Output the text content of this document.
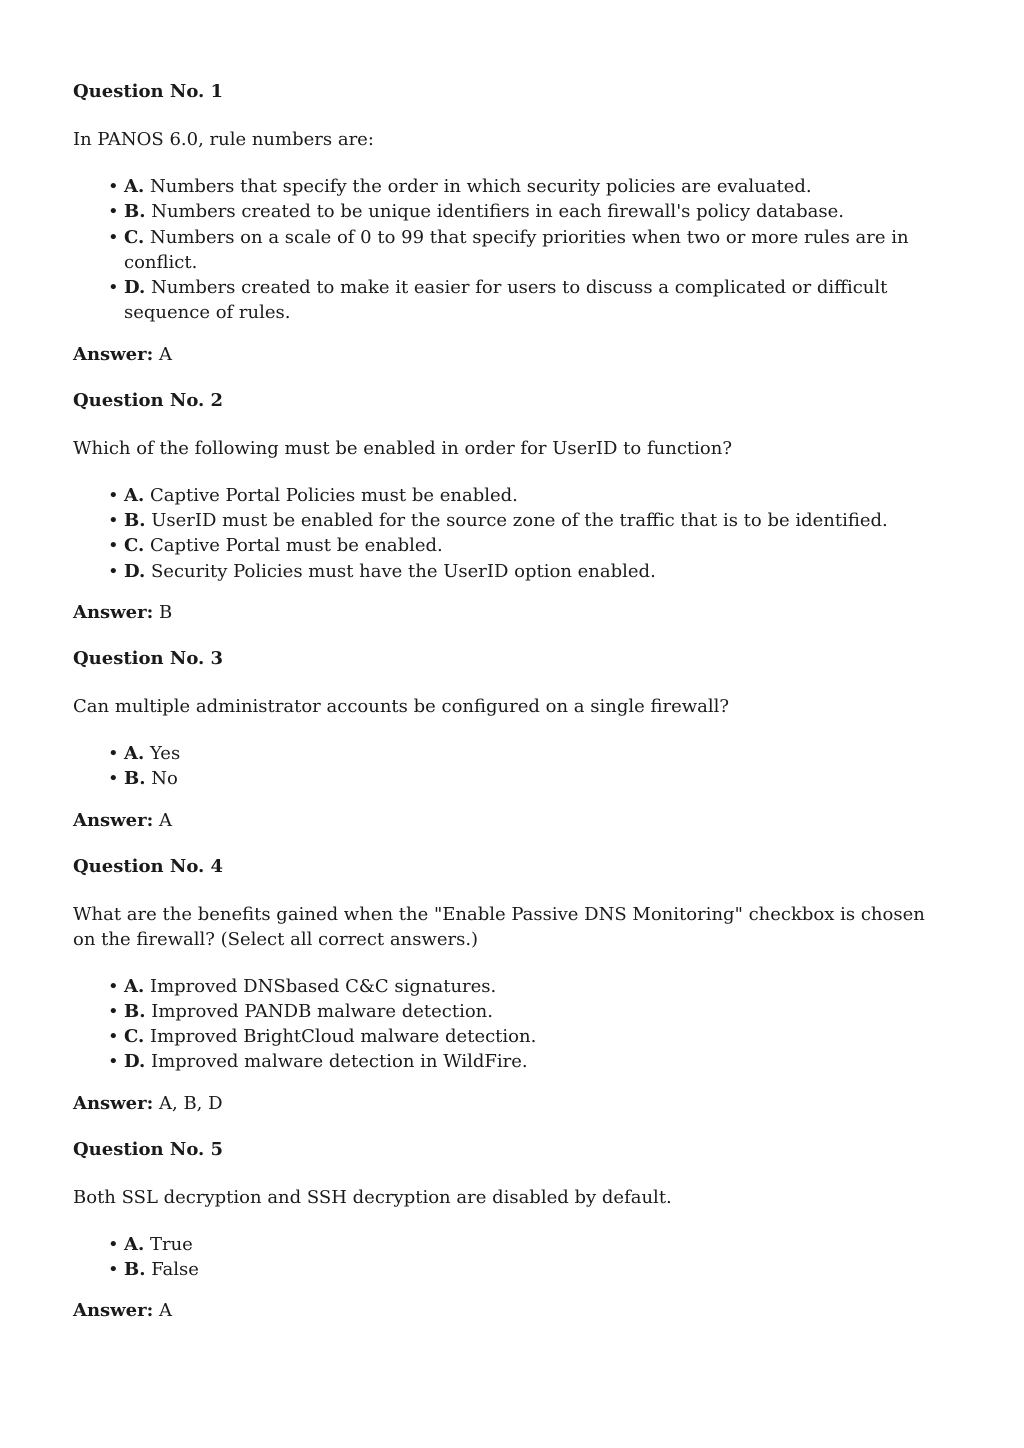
Question No. 1
In PANOS 6.0, rule numbers are:
• A. Numbers that specify the order in which security policies are evaluated.
• B. Numbers created to be unique identifiers in each firewall's policy database.
• C. Numbers on a scale of 0 to 99 that specify priorities when two or more rules are in conflict.
• D. Numbers created to make it easier for users to discuss a complicated or difficult sequence of rules.
Answer: A
Question No. 2
Which of the following must be enabled in order for UserID to function?
• A. Captive Portal Policies must be enabled.
• B. UserID must be enabled for the source zone of the traffic that is to be identified.
• C. Captive Portal must be enabled.
• D. Security Policies must have the UserID option enabled.
Answer: B
Question No. 3
Can multiple administrator accounts be configured on a single firewall?
• A. Yes
• B. No
Answer: A
Question No. 4
What are the benefits gained when the "Enable Passive DNS Monitoring" checkbox is chosen on the firewall? (Select all correct answers.)
• A. Improved DNSbased C&C signatures.
• B. Improved PANDB malware detection.
• C. Improved BrightCloud malware detection.
• D. Improved malware detection in WildFire.
Answer: A, B, D
Question No. 5
Both SSL decryption and SSH decryption are disabled by default.
• A. True
• B. False
Answer: A
